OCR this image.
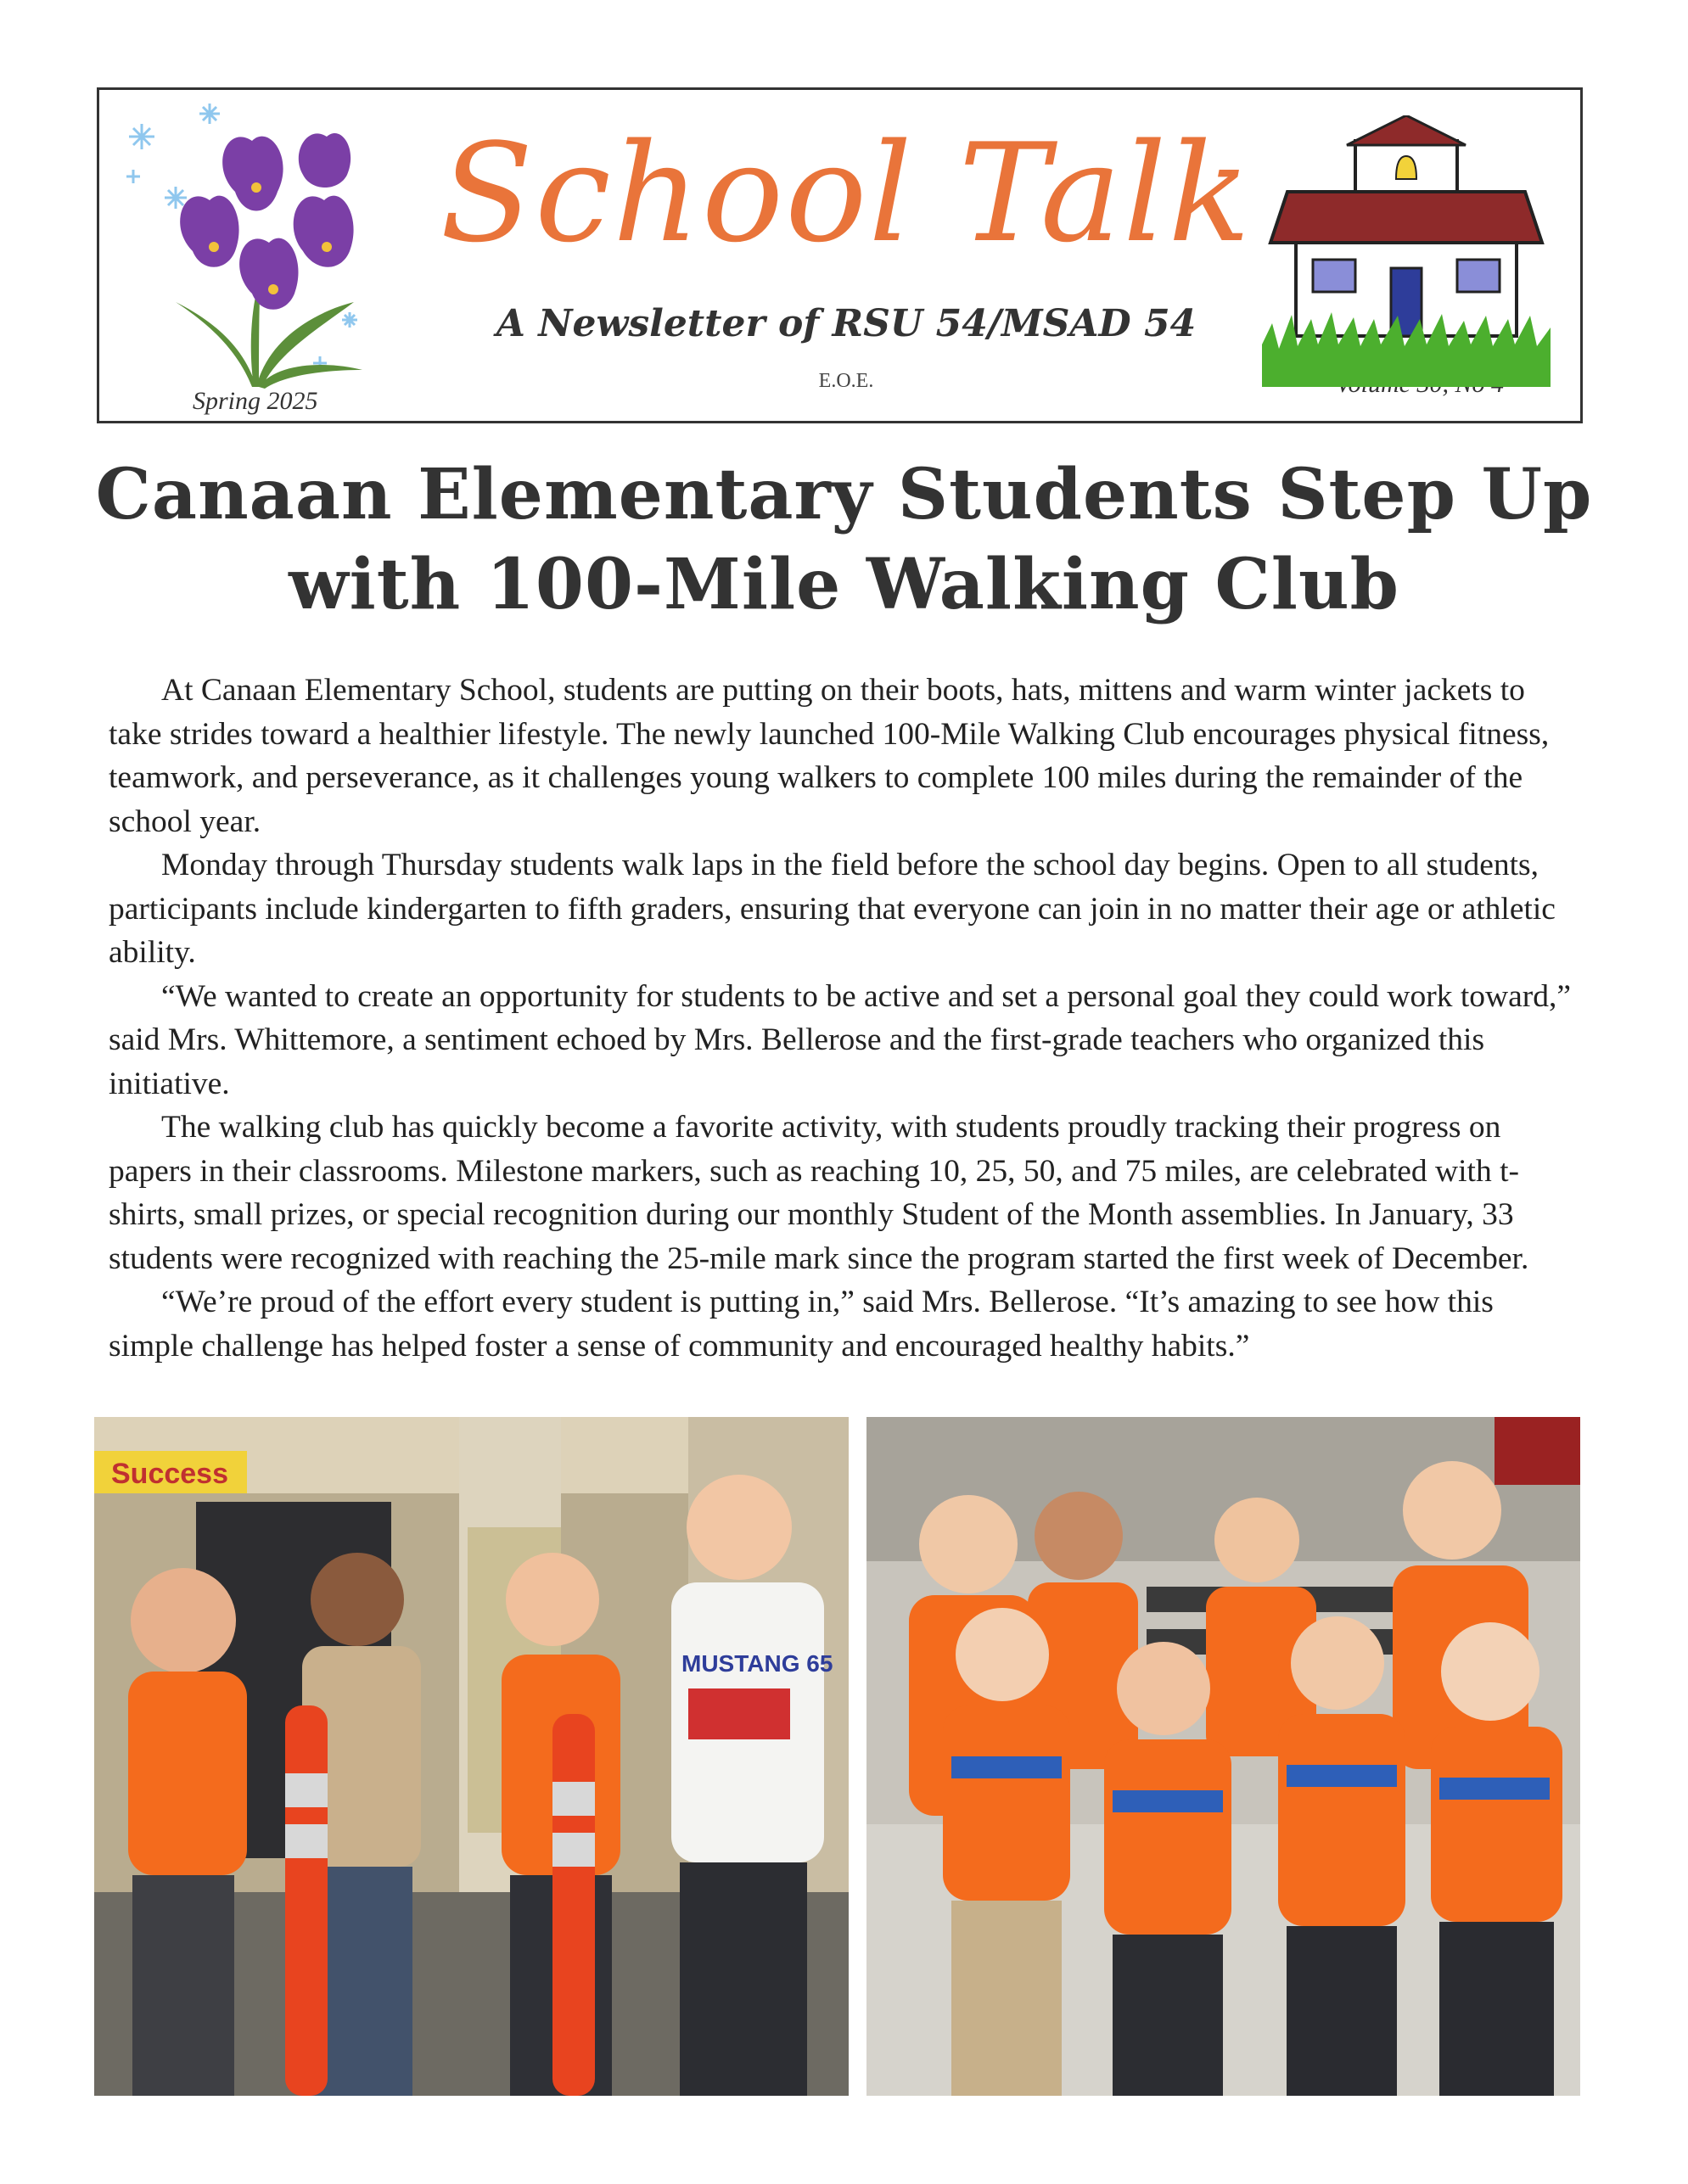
School Talk
A Newsletter of RSU 54/MSAD 54
E.O.E.
Spring 2025
Canaan Elementary Students Step Up
with 100-Mile Walking Club

At Canaan Elementary School, students are putting on their boots, hats, mittens and warm winter jackets to take strides toward a healthier lifestyle. The newly launched 100-Mile Walking Club encourages physical fitness, teamwork, and perseverance, as it challenges young walkers to complete 100 miles during the remainder of the school year.

Monday through Thursday students walk laps in the field before the school day begins. Open to all students, participants include kindergarten to fifth graders, ensuring that everyone can join in no matter their age or athletic ability.

“We wanted to create an opportunity for students to be active and set a personal goal they could work toward,” said Mrs. Whittemore, a sentiment echoed by Mrs. Bellerose and the first-grade teachers who organized this initiative.

The walking club has quickly become a favorite activity, with students proudly tracking their progress on papers in their classrooms. Milestone markers, such as reaching 10, 25, 50, and 75 miles, are celebrated with t-shirts, small prizes, or special recognition during our monthly Student of the Month assemblies. In January, 33 students were recognized with reaching the 25-mile mark since the program started the first week of December.

“We’re proud of the effort every student is putting in,” said Mrs. Bellerose. “It’s amazing to see how this simple challenge has helped foster a sense of community and encouraged healthy habits.”

Success
MUSTANG 65
